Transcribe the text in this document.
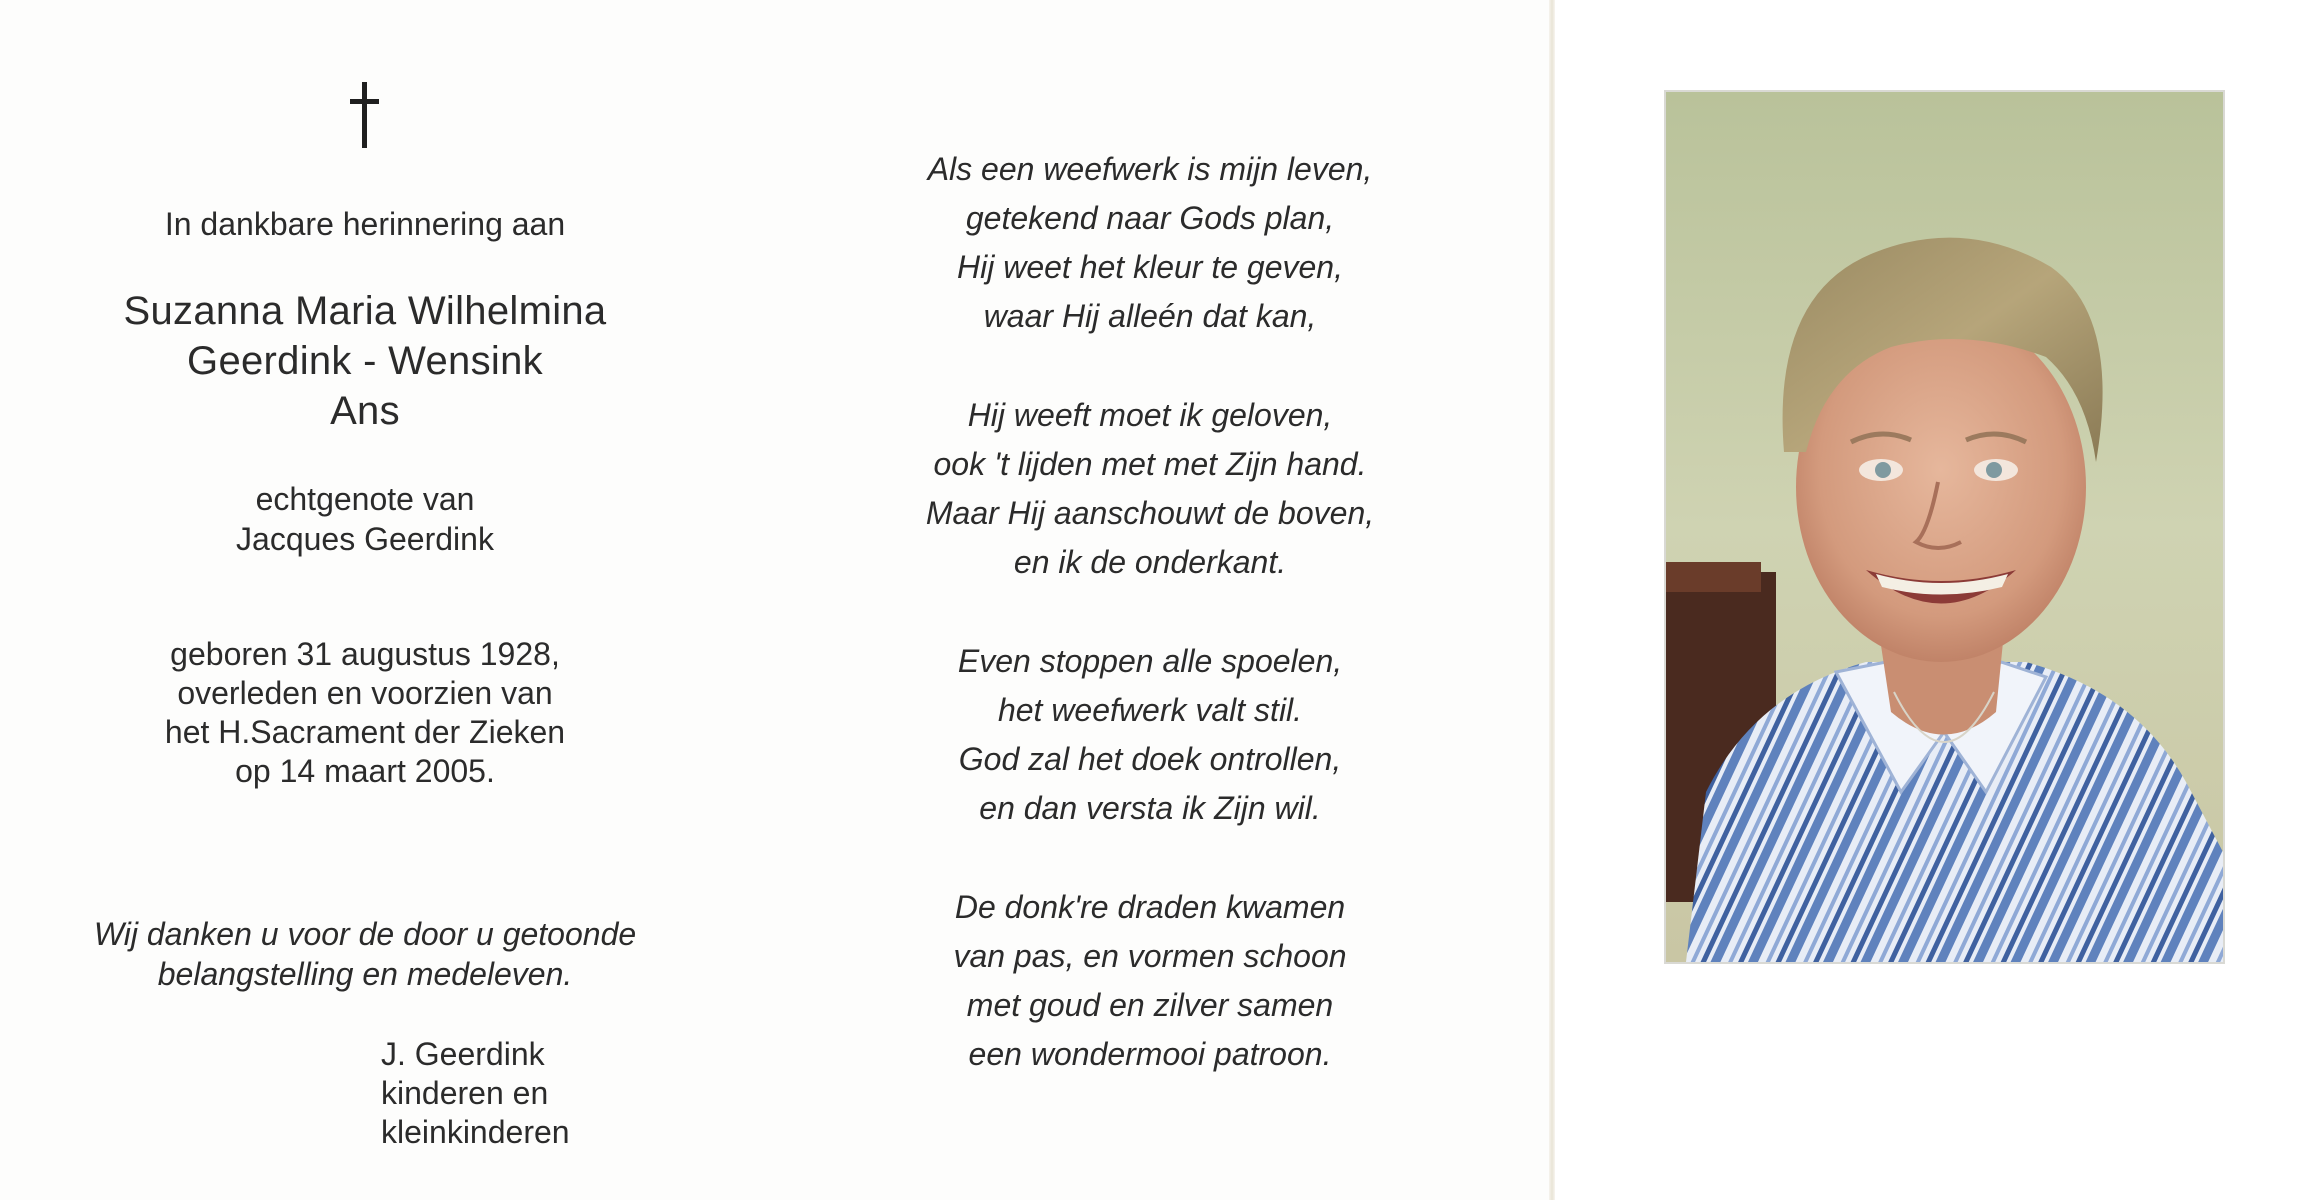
In dankbare herinnering aan
Suzanna Maria Wilhelmina
Geerdink - Wensink
Ans
echtgenote van
Jacques Geerdink
geboren 31 augustus 1928,
overleden en voorzien van
het H.Sacrament der Zieken
op 14 maart 2005.
Wij danken u voor de door u getoonde
belangstelling en medeleven.
J. Geerdink
kinderen en
kleinkinderen
Als een weefwerk is mijn leven,
getekend naar Gods plan,
Hij weet het kleur te geven,
waar Hij alleén dat kan,
Hij weeft moet ik geloven,
ook 't lijden met met Zijn hand.
Maar Hij aanschouwt de boven,
en ik de onderkant.
Even stoppen alle spoelen,
het weefwerk valt stil.
God zal het doek ontrollen,
en dan versta ik Zijn wil.
De donk're draden kwamen
van pas, en vormen schoon
met goud en zilver samen
een wondermooi patroon.
